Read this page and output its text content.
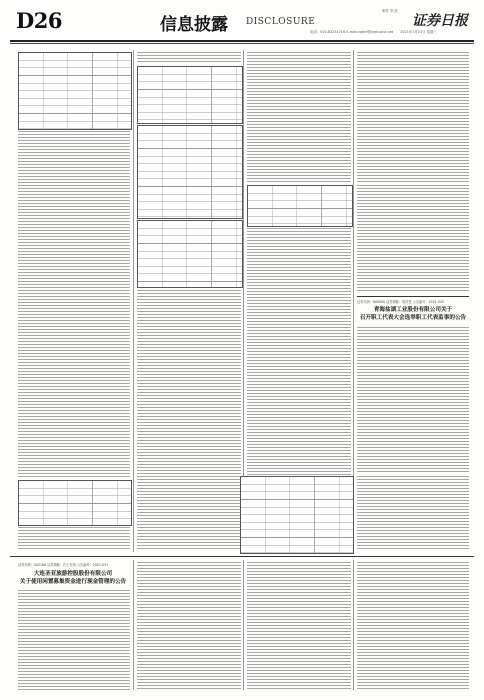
D26	信息披露 DISCLOSURE
制作 李 波
电话：010-83251716 E-mail:zqrb9@zqrb.sina.net 2021年7月21日 星期三
证券日报
证券代码：600090 证券简称：同济堂 公告编号：2021-043
青海盐湖工业股份有限公司关于
召开职工代表大会选举职工代表监事的公告
证券代码：002188 证券简称：巴士在线 公告编号：2021-031
大连圣亚旅游控股股份有限公司
关于使用闲置募集资金进行现金管理的公告
